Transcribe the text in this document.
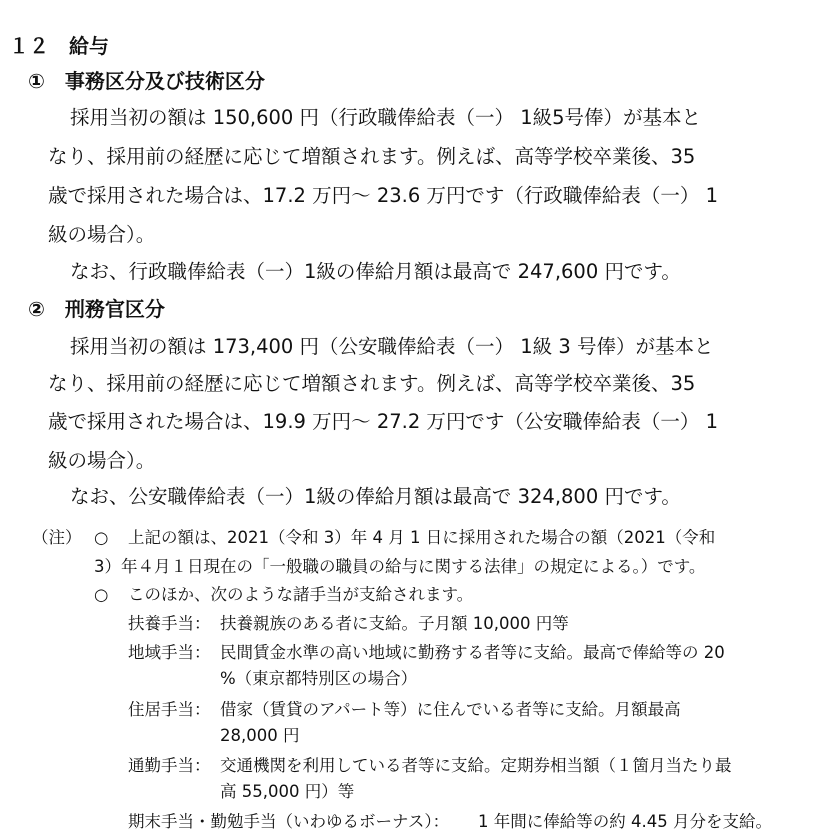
１２　給与
①　事務区分及び技術区分
採用当初の額は 150,600 円（行政職俸給表（一） 1級5号俸）が基本と
なり、採用前の経歴に応じて増額されます。例えば、高等学校卒業後、35
歳で採用された場合は、17.2 万円～ 23.6 万円です（行政職俸給表（一） 1
級の場合）。
なお、行政職俸給表（一）1級の俸給月額は最高で 247,600 円です。
②　刑務官区分
採用当初の額は 173,400 円（公安職俸給表（一） 1級 3 号俸）が基本と
なり、採用前の経歴に応じて増額されます。例えば、高等学校卒業後、35
歳で採用された場合は、19.9 万円～ 27.2 万円です（公安職俸給表（一） 1
級の場合）。
なお、公安職俸給表（一）1級の俸給月額は最高で 324,800 円です。
（注） ○ 上記の額は、2021（令和 3）年 4 月 1 日に採用された場合の額（2021（令和
3）年４月１日現在の「一般職の職員の給与に関する法律」の規定による。）です。
○ このほか、次のような諸手当が支給されます。
扶養手当： 扶養親族のある者に支給。子月額 10,000 円等
地域手当： 民間賃金水準の高い地域に勤務する者等に支給。最高で俸給等の 20
%（東京都特別区の場合）
住居手当： 借家（賃貸のアパート等）に住んでいる者等に支給。月額最高
28,000 円
通勤手当： 交通機関を利用している者等に支給。定期券相当額（１箇月当たり最
高 55,000 円）等
期末手当・勤勉手当（いわゆるボーナス）： 1 年間に俸給等の約 4.45 月分を支給。
